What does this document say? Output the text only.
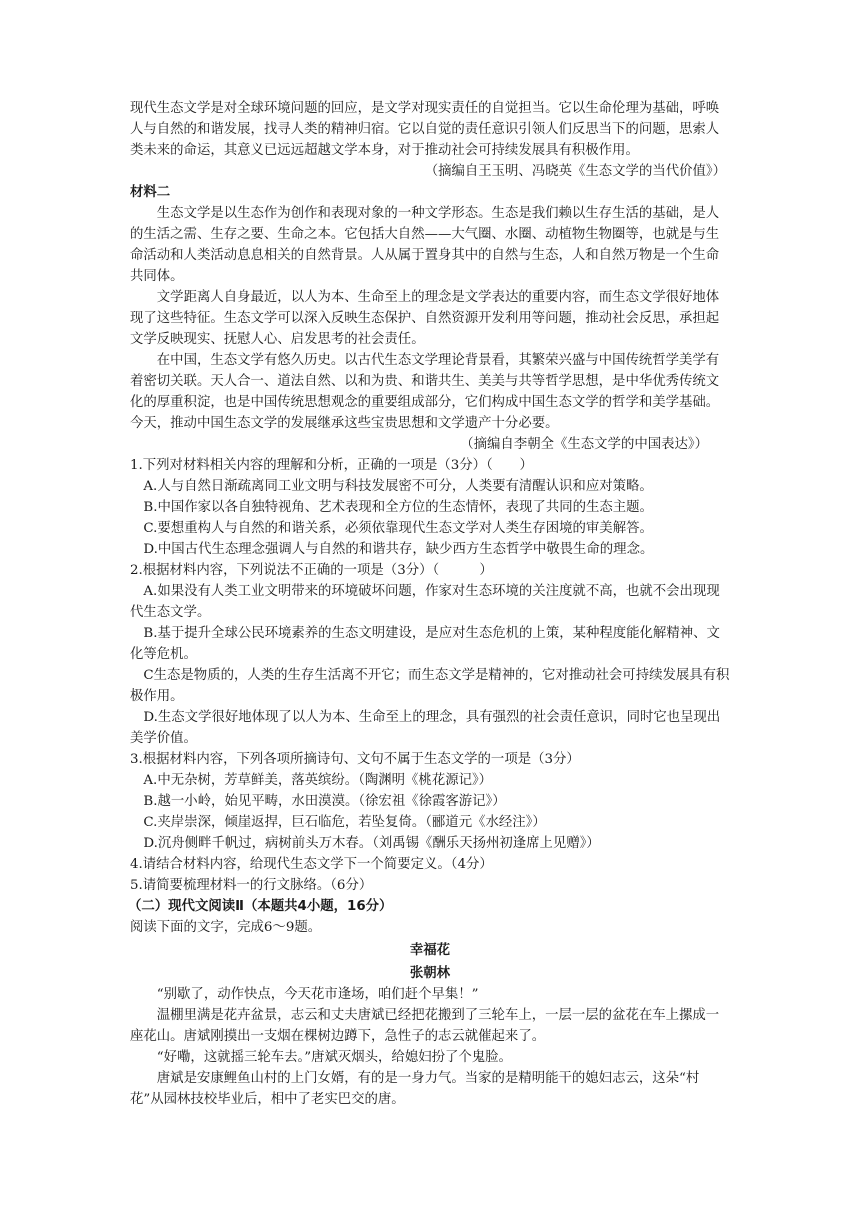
现代生态文学是对全球环境问题的回应，是文学对现实责任的自觉担当。它以生命伦理为基础，呼唤人与自然的和谐发展，找寻人类的精神归宿。它以自觉的责任意识引领人们反思当下的问题，思索人类未来的命运，其意义已远远超越文学本身，对于推动社会可持续发展具有积极作用。

（摘编自王玉明、冯晓英《生态文学的当代价值》）

材料二

生态文学是以生态作为创作和表现对象的一种文学形态。生态是我们赖以生存生活的基础，是人的生活之需、生存之要、生命之本。它包括大自然——大气圈、水圈、动植物生物圈等，也就是与生命活动和人类活动息息相关的自然背景。人从属于置身其中的自然与生态，人和自然万物是一个生命共同体。

文学距离人自身最近，以人为本、生命至上的理念是文学表达的重要内容，而生态文学很好地体现了这些特征。生态文学可以深入反映生态保护、自然资源开发利用等问题，推动社会反思，承担起文学反映现实、抚慰人心、启发思考的社会责任。

在中国，生态文学有悠久历史。以古代生态文学理论背景看，其繁荣兴盛与中国传统哲学美学有着密切关联。天人合一、道法自然、以和为贵、和谐共生、美美与共等哲学思想，是中华优秀传统文化的厚重积淀，也是中国传统思想观念的重要组成部分，它们构成中国生态文学的哲学和美学基础。今天，推动中国生态文学的发展继承这些宝贵思想和文学遗产十分必要。

（摘编自李朝全《生态文学的中国表达》）

1.下列对材料相关内容的理解和分析，正确的一项是（3分）（　　）

A.人与自然日渐疏离同工业文明与科技发展密不可分，人类要有清醒认识和应对策略。

B.中国作家以各自独特视角、艺术表现和全方位的生态情怀，表现了共同的生态主题。

C.要想重构人与自然的和谐关系，必须依靠现代生态文学对人类生存困境的审美解答。

D.中国古代生态理念强调人与自然的和谐共存，缺少西方生态哲学中敬畏生命的理念。

2.根据材料内容，下列说法不正确的一项是（3分）（　　　）

A.如果没有人类工业文明带来的环境破坏问题，作家对生态环境的关注度就不高，也就不会出现现代生态文学。

B.基于提升全球公民环境素养的生态文明建设，是应对生态危机的上策，某种程度能化解精神、文化等危机。

C生态是物质的，人类的生存生活离不开它；而生态文学是精神的，它对推动社会可持续发展具有积极作用。

D.生态文学很好地体现了以人为本、生命至上的理念，具有强烈的社会责任意识，同时它也呈现出美学价值。

3.根据材料内容，下列各项所摘诗句、文句不属于生态文学的一项是（3分）

A.中无杂树，芳草鲜美，落英缤纷。（陶渊明《桃花源记》）

B.越一小岭，始见平畴，水田漠漠。（徐宏祖《徐霞客游记》）

C.夹岸崇深，倾崖返捍，巨石临危，若坠复倚。（郦道元《水经注》）

D.沉舟侧畔千帆过，病树前头万木春。（刘禹锡《酬乐天扬州初逢席上见赠》）

4.请结合材料内容，给现代生态文学下一个简要定义。（4分）

5.请简要梳理材料一的行文脉络。（6分）

（二）现代文阅读Ⅱ（本题共4小题，16分）

阅读下面的文字，完成6～9题。

幸福花

张朝林

“别歇了，动作快点，今天花市逢场，咱们赶个早集！”

温棚里满是花卉盆景，志云和丈夫唐斌已经把花搬到了三轮车上，一层一层的盆花在车上摞成一座花山。唐斌刚摸出一支烟在棵树边蹲下，急性子的志云就催起来了。

“好嘞，这就摇三轮车去。”唐斌灭烟头，给媳妇扮了个鬼脸。

唐斌是安康鲤鱼山村的上门女婿，有的是一身力气。当家的是精明能干的媳妇志云，这朵“村花”从园林技校毕业后，相中了老实巴交的唐。
